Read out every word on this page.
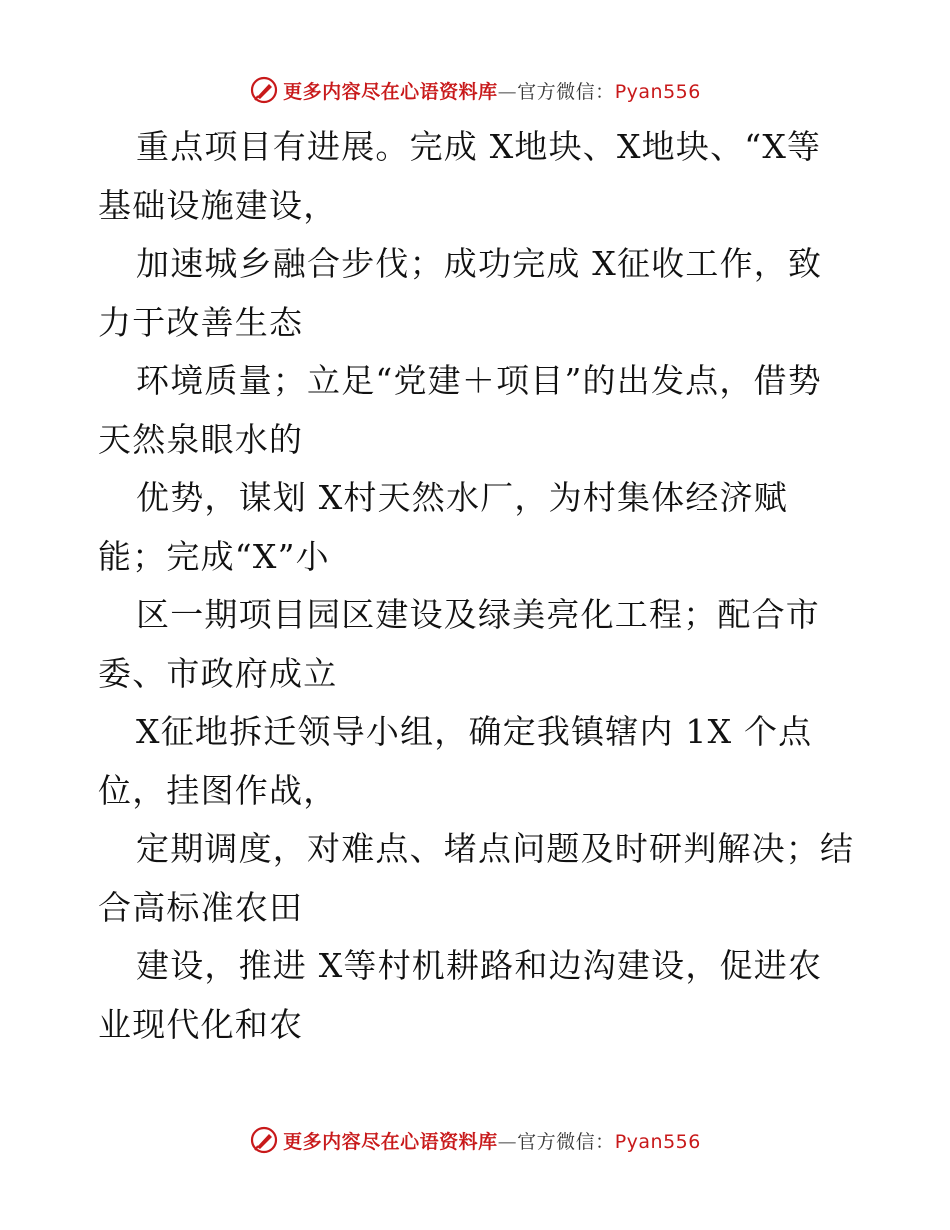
更多内容尽在心语资料库—官方微信：Pyan556
重点项目有进展。完成 X地块、X地块、“X等
基础设施建设，
加速城乡融合步伐；成功完成 X征收工作，致
力于改善生态
环境质量；立足“党建＋项目”的出发点，借势
天然泉眼水的
优势，谋划 X村天然水厂，为村集体经济赋
能；完成“X”小
区一期项目园区建设及绿美亮化工程；配合市
委、市政府成立
X征地拆迁领导小组，确定我镇辖内 1X 个点
位，挂图作战，
定期调度，对难点、堵点问题及时研判解决；结
合高标准农田
建设，推进 X等村机耕路和边沟建设，促进农
业现代化和农
更多内容尽在心语资料库—官方微信：Pyan556
